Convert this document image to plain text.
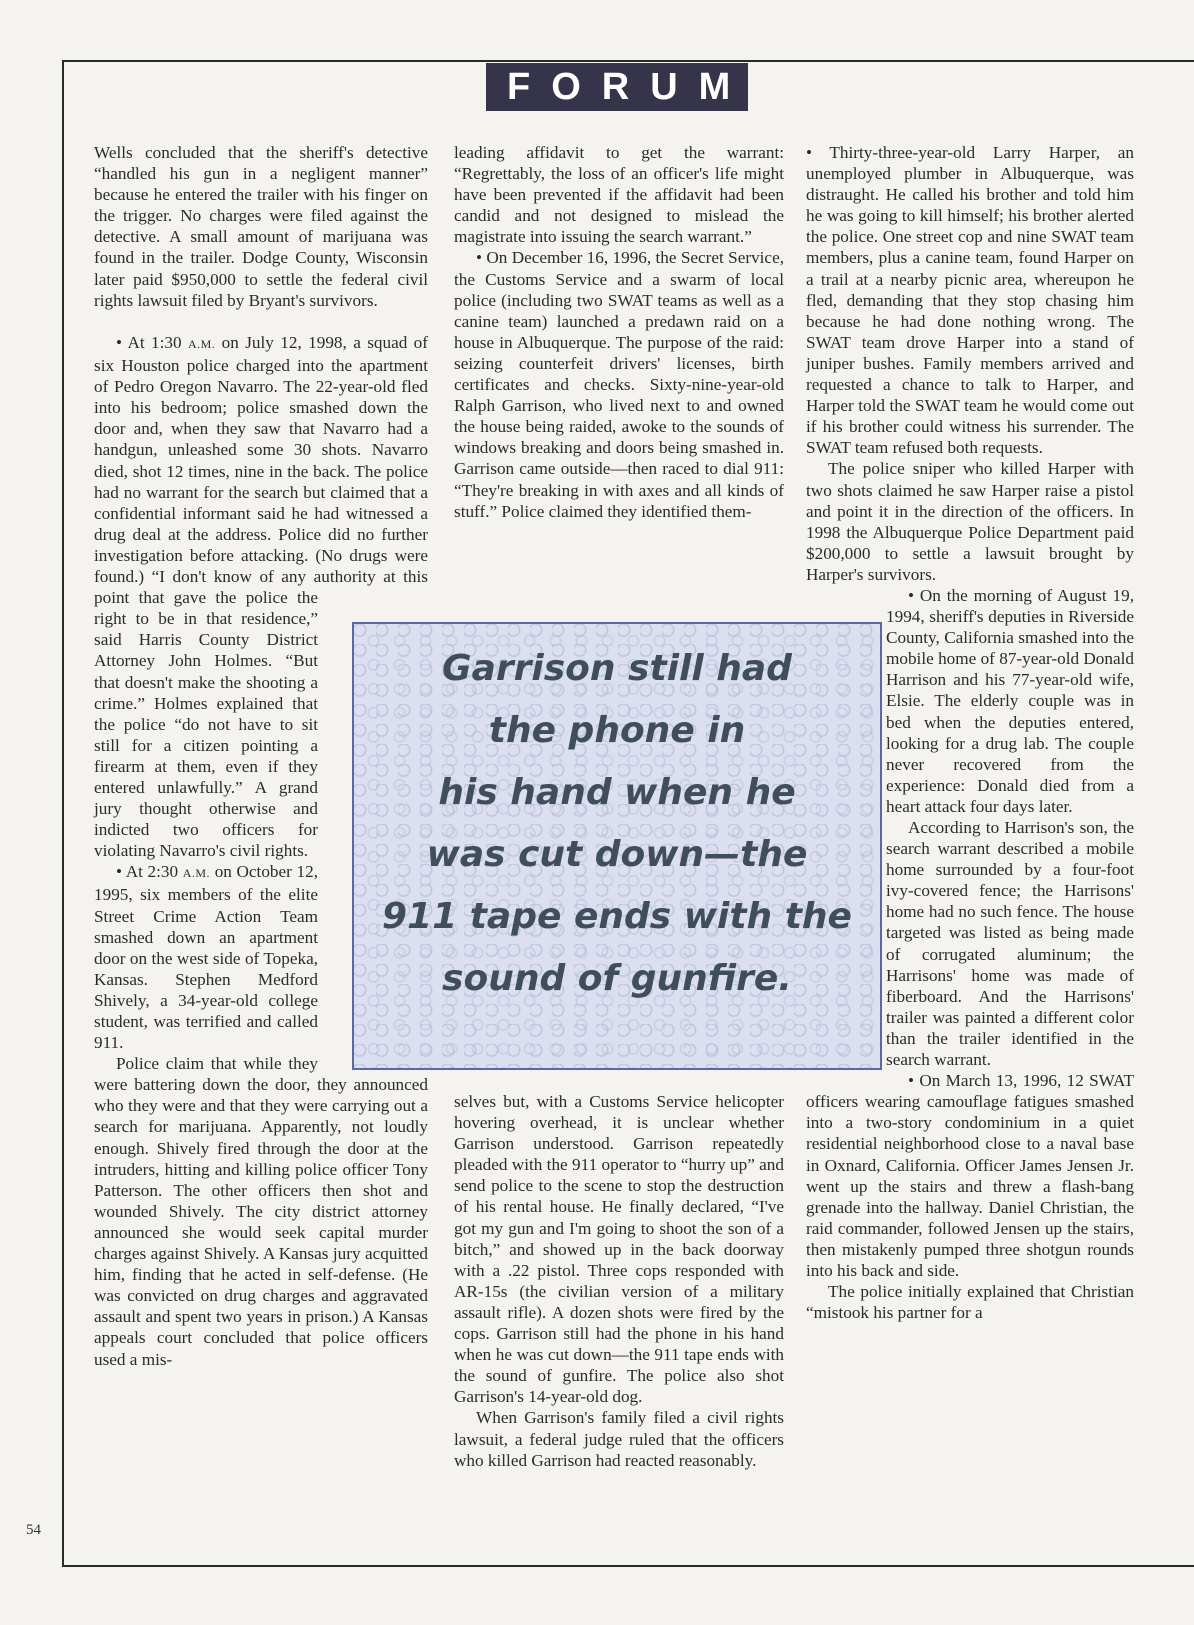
FORUM

Wells concluded that the sheriff's detective “handled his gun in a negligent manner” because he entered the trailer with his finger on the trigger. No charges were filed against the detective. A small amount of marijuana was found in the trailer. Dodge County, Wisconsin later paid $950,000 to settle the federal civil rights lawsuit filed by Bryant's survivors.

• At 1:30 A.M. on July 12, 1998, a squad of six Houston police charged into the apartment of Pedro Oregon Navarro. The 22-year-old fled into his bedroom; police smashed down the door and, when they saw that Navarro had a handgun, unleashed some 30 shots. Navarro died, shot 12 times, nine in the back. The police had no warrant for the search but claimed that a confidential informant said he had witnessed a drug deal at the address. Police did no further investigation before attacking. (No drugs were found.) “I don't know of any authority at this point that gave the police the right to be in that residence,” said Harris County District Attorney John Holmes. “But that doesn't make the shooting a crime.” Holmes explained that the police “do not have to sit still for a citizen pointing a firearm at them, even if they entered unlawfully.” A grand jury thought otherwise and indicted two officers for violating Navarro's civil rights.

• At 2:30 A.M. on October 12, 1995, six members of the elite Street Crime Action Team smashed down an apartment door on the west side of Topeka, Kansas. Stephen Medford Shively, a 34-year-old college student, was terrified and called 911.

Police claim that while they were battering down the door, they announced who they were and that they were carrying out a search for marijuana. Apparently, not loudly enough. Shively fired through the door at the intruders, hitting and killing police officer Tony Patterson. The other officers then shot and wounded Shively. The city district attorney announced she would seek capital murder charges against Shively. A Kansas jury acquitted him, finding that he acted in self-defense. (He was convicted on drug charges and aggravated assault and spent two years in prison.) A Kansas appeals court concluded that police officers used a mis-

leading affidavit to get the warrant: “Regrettably, the loss of an officer's life might have been prevented if the affidavit had been candid and not designed to mislead the magistrate into issuing the search warrant.”

• On December 16, 1996, the Secret Service, the Customs Service and a swarm of local police (including two SWAT teams as well as a canine team) launched a predawn raid on a house in Albuquerque. The purpose of the raid: seizing counterfeit drivers' licenses, birth certificates and checks. Sixty-nine-year-old Ralph Garrison, who lived next to and owned the house being raided, awoke to the sounds of windows breaking and doors being smashed in. Garrison came outside—then raced to dial 911: “They're breaking in with axes and all kinds of stuff.” Police claimed they identified them-

selves but, with a Customs Service helicopter hovering overhead, it is unclear whether Garrison understood. Garrison repeatedly pleaded with the 911 operator to “hurry up” and send police to the scene to stop the destruction of his rental house. He finally declared, “I've got my gun and I'm going to shoot the son of a bitch,” and showed up in the back doorway with a .22 pistol. Three cops responded with AR-15s (the civilian version of a military assault rifle). A dozen shots were fired by the cops. Garrison still had the phone in his hand when he was cut down—the 911 tape ends with the sound of gunfire. The police also shot Garrison's 14-year-old dog.

When Garrison's family filed a civil rights lawsuit, a federal judge ruled that the officers who killed Garrison had reacted reasonably.

• Thirty-three-year-old Larry Harper, an unemployed plumber in Albuquerque, was distraught. He called his brother and told him he was going to kill himself; his brother alerted the police. One street cop and nine SWAT team members, plus a canine team, found Harper on a trail at a nearby picnic area, whereupon he fled, demanding that they stop chasing him because he had done nothing wrong. The SWAT team drove Harper into a stand of juniper bushes. Family members arrived and requested a chance to talk to Harper, and Harper told the SWAT team he would come out if his brother could witness his surrender. The SWAT team refused both requests.

The police sniper who killed Harper with two shots claimed he saw Harper raise a pistol and point it in the direction of the officers. In 1998 the Albuquerque Police Department paid $200,000 to settle a lawsuit brought by Harper's survivors.

• On the morning of August 19, 1994, sheriff's deputies in Riverside County, California smashed into the mobile home of 87-year-old Donald Harrison and his 77-year-old wife, Elsie. The elderly couple was in bed when the deputies entered, looking for a drug lab. The couple never recovered from the experience: Donald died from a heart attack four days later.

According to Harrison's son, the search warrant described a mobile home surrounded by a four-foot ivy-covered fence; the Harrisons' home had no such fence. The house targeted was listed as being made of corrugated aluminum; the Harrisons' home was made of fiberboard. And the Harrisons' trailer was painted a different color than the trailer identified in the search warrant.

• On March 13, 1996, 12 SWAT officers wearing camouflage fatigues smashed into a two-story condominium in a quiet residential neighborhood close to a naval base in Oxnard, California. Officer James Jensen Jr. went up the stairs and threw a flash-bang grenade into the hallway. Daniel Christian, the raid commander, followed Jensen up the stairs, then mistakenly pumped three shotgun rounds into his back and side.

The police initially explained that Christian “mistook his partner for a

Garrison still had
the phone in
his hand when he
was cut down—the
911 tape ends with the
sound of gunfire.
54
